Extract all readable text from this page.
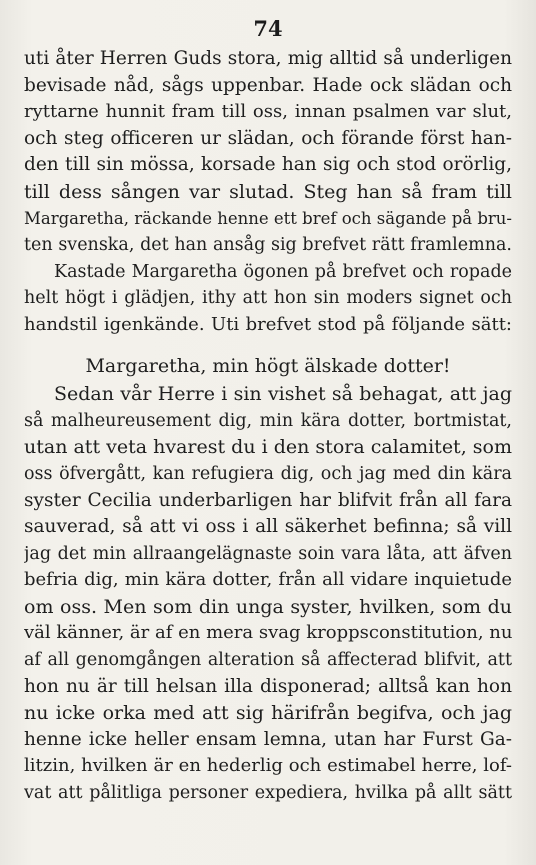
74
uti åter Herren Guds stora, mig alltid så underligen
bevisade nåd, sågs uppenbar. Hade ock slädan och
ryttarne hunnit fram till oss, innan psalmen var slut,
och steg officeren ur slädan, och förande först han-
den till sin mössa, korsade han sig och stod orörlig,
till dess sången var slutad. Steg han så fram till
Margaretha, räckande henne ett bref och sägande på bru-
ten svenska, det han ansåg sig brefvet rätt framlemna.
Kastade Margaretha ögonen på brefvet och ropade
helt högt i glädjen, ithy att hon sin moders signet och
handstil igenkände. Uti brefvet stod på följande sätt:
Margaretha, min högt älskade dotter!
Sedan vår Herre i sin vishet så behagat, att jag
så malheureusement dig, min kära dotter, bortmistat,
utan att veta hvarest du i den stora calamitet, som
oss öfvergått, kan refugiera dig, och jag med din kära
syster Cecilia underbarligen har blifvit från all fara
sauverad, så att vi oss i all säkerhet befinna; så vill
jag det min allraangelägnaste soin vara låta, att äfven
befria dig, min kära dotter, från all vidare inquietude
om oss. Men som din unga syster, hvilken, som du
väl känner, är af en mera svag kroppsconstitution, nu
af all genomgången alteration så affecterad blifvit, att
hon nu är till helsan illa disponerad; alltså kan hon
nu icke orka med att sig härifrån begifva, och jag
henne icke heller ensam lemna, utan har Furst Ga-
litzin, hvilken är en hederlig och estimabel herre, lof-
vat att pålitliga personer expediera, hvilka på allt sätt
